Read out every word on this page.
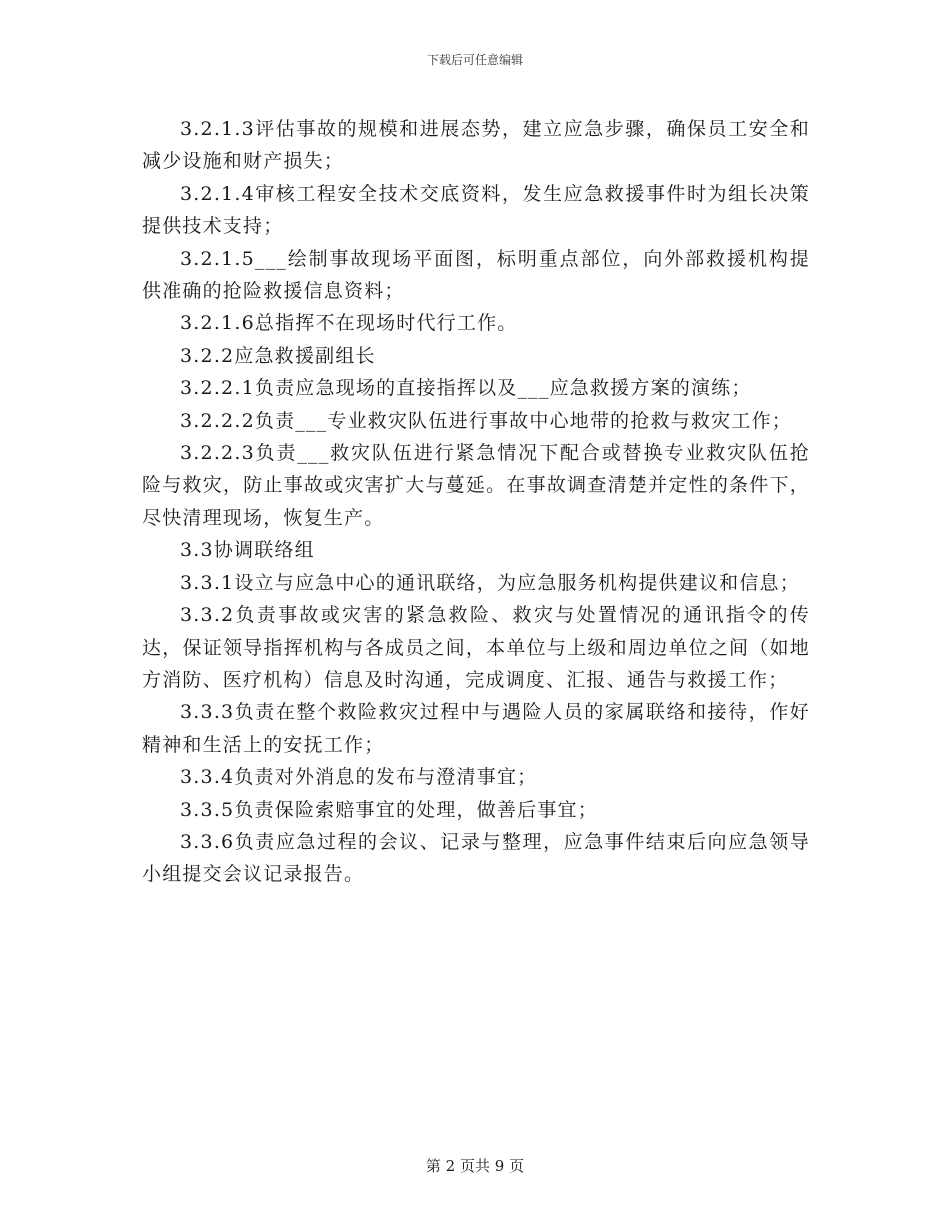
下载后可任意编辑

3.2.1.3评估事故的规模和进展态势，建立应急步骤，确保员工安全和减少设施和财产损失；

3.2.1.4审核工程安全技术交底资料，发生应急救援事件时为组长决策提供技术支持；

3.2.1.5___绘制事故现场平面图，标明重点部位，向外部救援机构提供准确的抢险救援信息资料；

3.2.1.6总指挥不在现场时代行工作。

3.2.2应急救援副组长

3.2.2.1负责应急现场的直接指挥以及___应急救援方案的演练；

3.2.2.2负责___专业救灾队伍进行事故中心地带的抢救与救灾工作；

3.2.2.3负责___救灾队伍进行紧急情况下配合或替换专业救灾队伍抢险与救灾，防止事故或灾害扩大与蔓延。在事故调查清楚并定性的条件下，尽快清理现场，恢复生产。

3.3协调联络组

3.3.1设立与应急中心的通讯联络，为应急服务机构提供建议和信息；

3.3.2负责事故或灾害的紧急救险、救灾与处置情况的通讯指令的传达，保证领导指挥机构与各成员之间，本单位与上级和周边单位之间（如地方消防、医疗机构）信息及时沟通，完成调度、汇报、通告与救援工作；

3.3.3负责在整个救险救灾过程中与遇险人员的家属联络和接待，作好精神和生活上的安抚工作；

3.3.4负责对外消息的发布与澄清事宜；

3.3.5负责保险索赔事宜的处理，做善后事宜；

3.3.6负责应急过程的会议、记录与整理，应急事件结束后向应急领导小组提交会议记录报告。

第 2 页共 9 页
